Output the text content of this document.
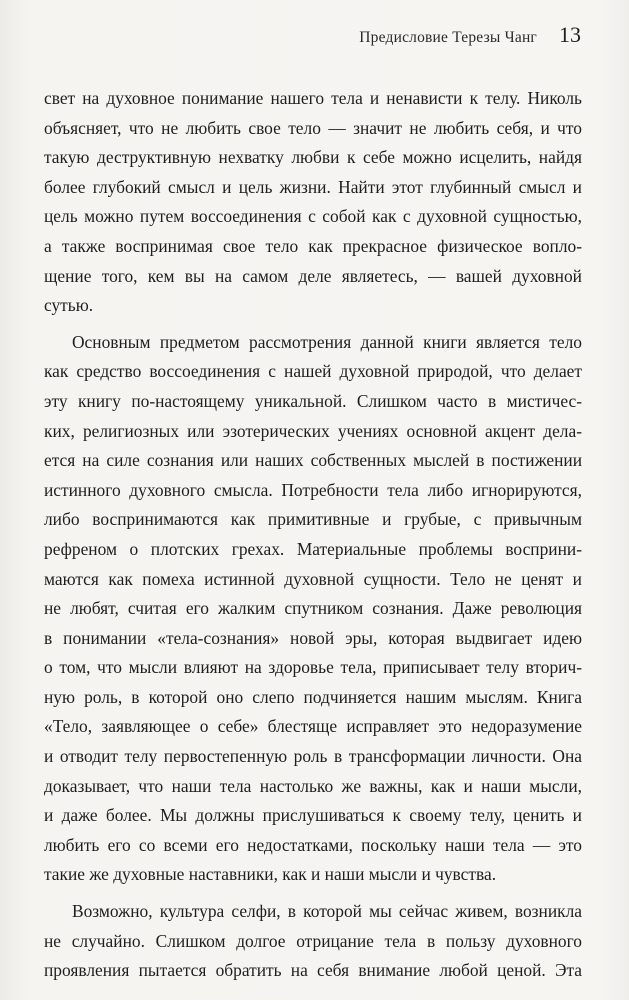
Предисловие Терезы Чанг 13
свет на духовное понимание нашего тела и ненависти к телу. Николь
объясняет, что не любить свое тело — значит не любить себя, и что
такую деструктивную нехватку любви к себе можно исцелить, найдя
более глубокий смысл и цель жизни. Найти этот глубинный смысл и
цель можно путем воссоединения с собой как с духовной сущностью,
а также воспринимая свое тело как прекрасное физическое вопло-
щение того, кем вы на самом деле являетесь, — вашей духовной
сутью.
Основным предметом рассмотрения данной книги является тело
как средство воссоединения с нашей духовной природой, что делает
эту книгу по-настоящему уникальной. Слишком часто в мистичес-
ких, религиозных или эзотерических учениях основной акцент дела-
ется на силе сознания или наших собственных мыслей в постижении
истинного духовного смысла. Потребности тела либо игнорируются,
либо воспринимаются как примитивные и грубые, с привычным
рефреном о плотских грехах. Материальные проблемы восприни-
маются как помеха истинной духовной сущности. Тело не ценят и
не любят, считая его жалким спутником сознания. Даже революция
в понимании «тела-сознания» новой эры, которая выдвигает идею
о том, что мысли влияют на здоровье тела, приписывает телу вторич-
ную роль, в которой оно слепо подчиняется нашим мыслям. Книга
«Тело, заявляющее о себе» блестяще исправляет это недоразумение
и отводит телу первостепенную роль в трансформации личности. Она
доказывает, что наши тела настолько же важны, как и наши мысли,
и даже более. Мы должны прислушиваться к своему телу, ценить и
любить его со всеми его недостатками, поскольку наши тела — это
такие же духовные наставники, как и наши мысли и чувства.
Возможно, культура селфи, в которой мы сейчас живем, возникла
не случайно. Слишком долгое отрицание тела в пользу духовного
проявления пытается обратить на себя внимание любой ценой. Эта
